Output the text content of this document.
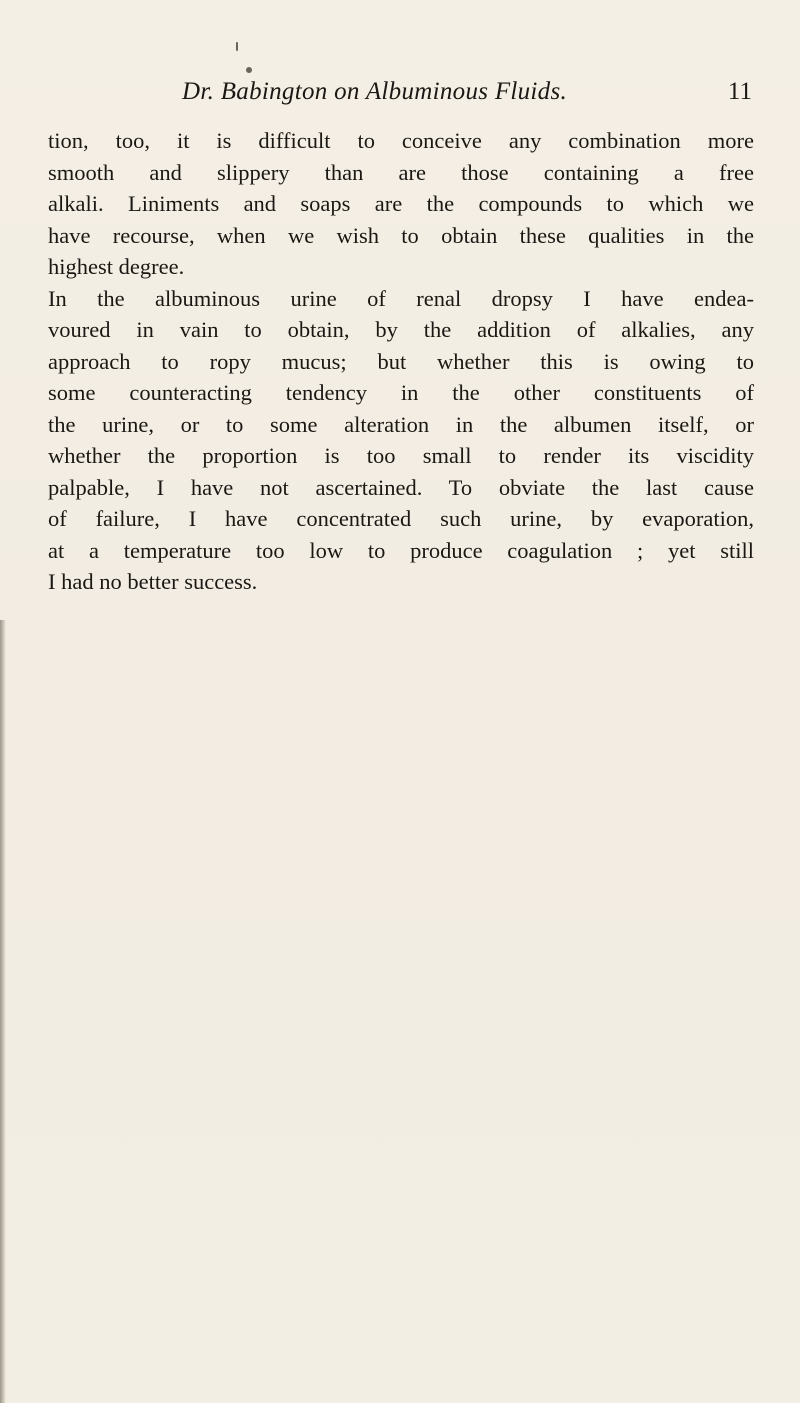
Dr. Babington on Albuminous Fluids.	11
tion, too, it is difficult to conceive any combination more
smooth and slippery than are those containing a free
alkali. Liniments and soaps are the compounds to which we
have recourse, when we wish to obtain these qualities in the
highest degree.
In the albuminous urine of renal dropsy I have endea-
voured in vain to obtain, by the addition of alkalies, any
approach to ropy mucus; but whether this is owing to
some counteracting tendency in the other constituents of
the urine, or to some alteration in the albumen itself, or
whether the proportion is too small to render its viscidity
palpable, I have not ascertained. To obviate the last cause
of failure, I have concentrated such urine, by evaporation,
at a temperature too low to produce coagulation ; yet still
I had no better success.
